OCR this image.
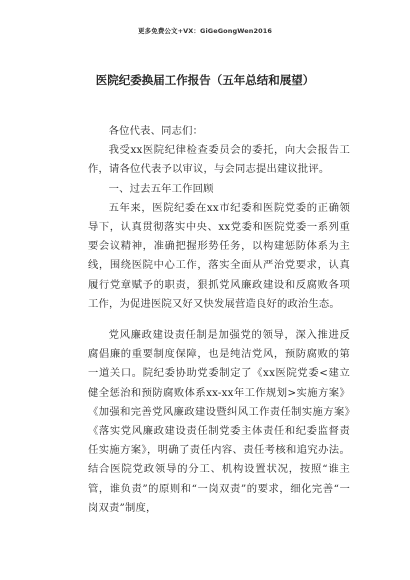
更多免费公文+VX：GiGeGongWen2016
医院纪委换届工作报告（五年总结和展望）

各位代表、同志们：

我受xx医院纪律检查委员会的委托，向大会报告工作，请各位代表予以审议，与会同志提出建议批评。

一、过去五年工作回顾

五年来，医院纪委在xx市纪委和医院党委的正确领导下，认真贯彻落实中央、xx党委和医院党委一系列重要会议精神，准确把握形势任务，以构建惩防体系为主线，围绕医院中心工作，落实全面从严治党要求，认真履行党章赋予的职责，狠抓党风廉政建设和反腐败各项工作，为促进医院又好又快发展营造良好的政治生态。

党风廉政建设责任制是加强党的领导，深入推进反腐倡廉的重要制度保障，也是纯洁党风，预防腐败的第一道关口。院纪委协助党委制定了《xx医院党委<建立健全惩治和预防腐败体系xx-xx年工作规划>实施方案》《加强和完善党风廉政建设暨纠风工作责任制实施方案》《落实党风廉政建设责任制党委主体责任和纪委监督责任实施方案》，明确了责任内容、责任考核和追究办法。结合医院党政领导的分工、机构设置状况，按照“谁主管，谁负责”的原则和“一岗双责”的要求，细化完善“一岗双责”制度，
